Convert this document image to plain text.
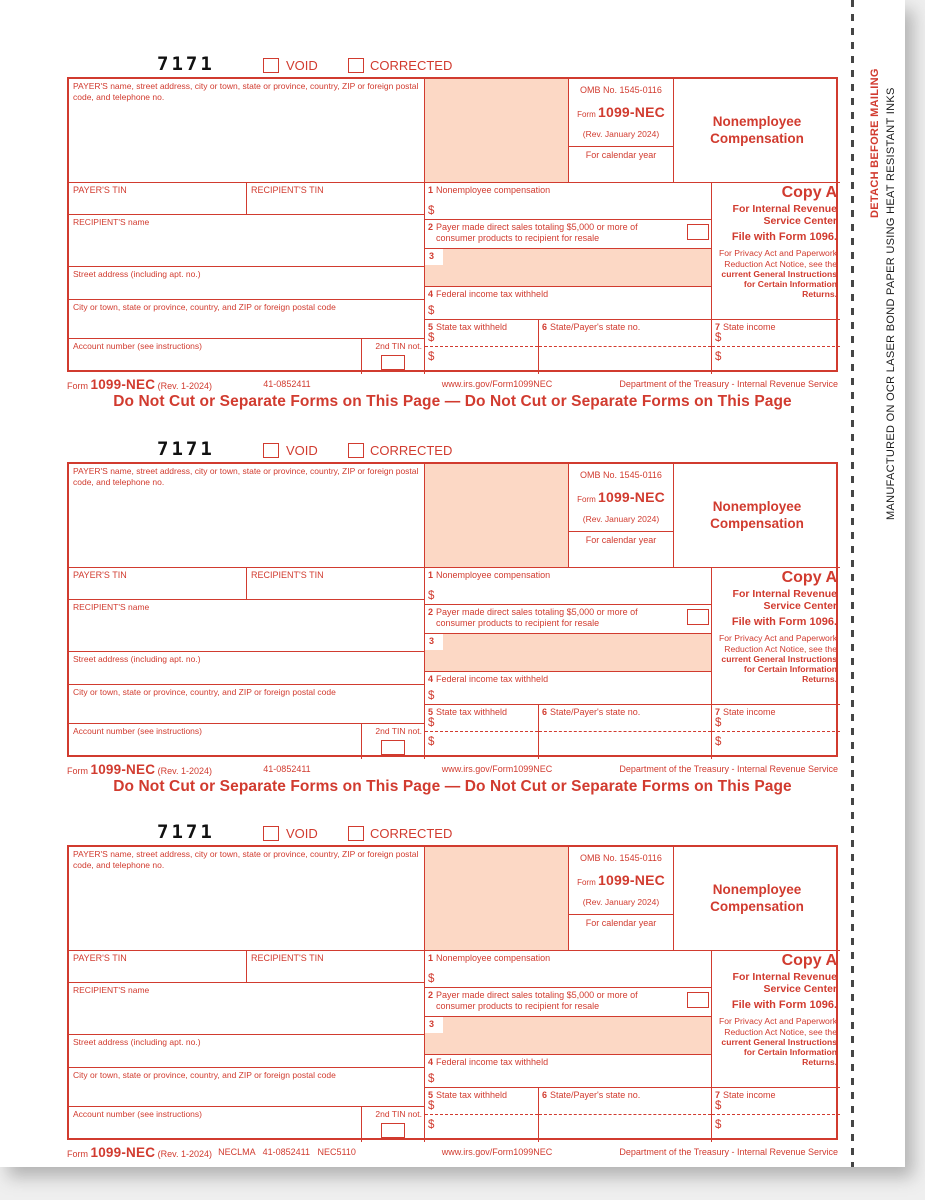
7171	VOID	CORRECTED
PAYER'S name, street address, city or town, state or province, country, ZIP or foreign postal code, and telephone no.
PAYER'S TIN	RECIPIENT'S TIN
RECIPIENT'S name
Street address (including apt. no.)
City or town, state or province, country, and ZIP or foreign postal code
Account number (see instructions)	2nd TIN not.
OMB No. 1545-0116
Form 1099-NEC
(Rev. January 2024)
For calendar year
Nonemployee Compensation
1 Nonemployee compensation
$
2 Payer made direct sales totaling $5,000 or more of consumer products to recipient for resale
3
4 Federal income tax withheld
$
5 State tax withheld
$
$
6 State/Payer's state no.	7 State income
$
$
Copy A
For Internal Revenue Service Center
File with Form 1096.
For Privacy Act and Paperwork Reduction Act Notice, see the current General Instructions for Certain Information Returns.
Form 1099-NEC (Rev. 1-2024)	41-0852411	www.irs.gov/Form1099NEC	Department of the Treasury - Internal Revenue Service
Do Not Cut or Separate Forms on This Page — Do Not Cut or Separate Forms on This Page
7171	VOID	CORRECTED
PAYER'S name, street address, city or town, state or province, country, ZIP or foreign postal code, and telephone no.
PAYER'S TIN	RECIPIENT'S TIN
RECIPIENT'S name
Street address (including apt. no.)
City or town, state or province, country, and ZIP or foreign postal code
Account number (see instructions)	2nd TIN not.
OMB No. 1545-0116
Form 1099-NEC
(Rev. January 2024)
For calendar year
Nonemployee Compensation
1 Nonemployee compensation
$
2 Payer made direct sales totaling $5,000 or more of consumer products to recipient for resale
3
4 Federal income tax withheld
$
5 State tax withheld
$
$
6 State/Payer's state no.	7 State income
$
$
Copy A
For Internal Revenue Service Center
File with Form 1096.
For Privacy Act and Paperwork Reduction Act Notice, see the current General Instructions for Certain Information Returns.
Form 1099-NEC (Rev. 1-2024)	41-0852411	www.irs.gov/Form1099NEC	Department of the Treasury - Internal Revenue Service
Do Not Cut or Separate Forms on This Page — Do Not Cut or Separate Forms on This Page
7171	VOID	CORRECTED
PAYER'S name, street address, city or town, state or province, country, ZIP or foreign postal code, and telephone no.
PAYER'S TIN	RECIPIENT'S TIN
RECIPIENT'S name
Street address (including apt. no.)
City or town, state or province, country, and ZIP or foreign postal code
Account number (see instructions)	2nd TIN not.
OMB No. 1545-0116
Form 1099-NEC
(Rev. January 2024)
For calendar year
Nonemployee Compensation
1 Nonemployee compensation
$
2 Payer made direct sales totaling $5,000 or more of consumer products to recipient for resale
3
4 Federal income tax withheld
$
5 State tax withheld
$
$
6 State/Payer's state no.	7 State income
$
$
Copy A
For Internal Revenue Service Center
File with Form 1096.
For Privacy Act and Paperwork Reduction Act Notice, see the current General Instructions for Certain Information Returns.
Form 1099-NEC (Rev. 1-2024) NECLMA   41-0852411   NEC5110	www.irs.gov/Form1099NEC	Department of the Treasury - Internal Revenue Service
DETACH BEFORE MAILING MANUFACTURED ON OCR LASER BOND PAPER USING HEAT RESISTANT INKS
